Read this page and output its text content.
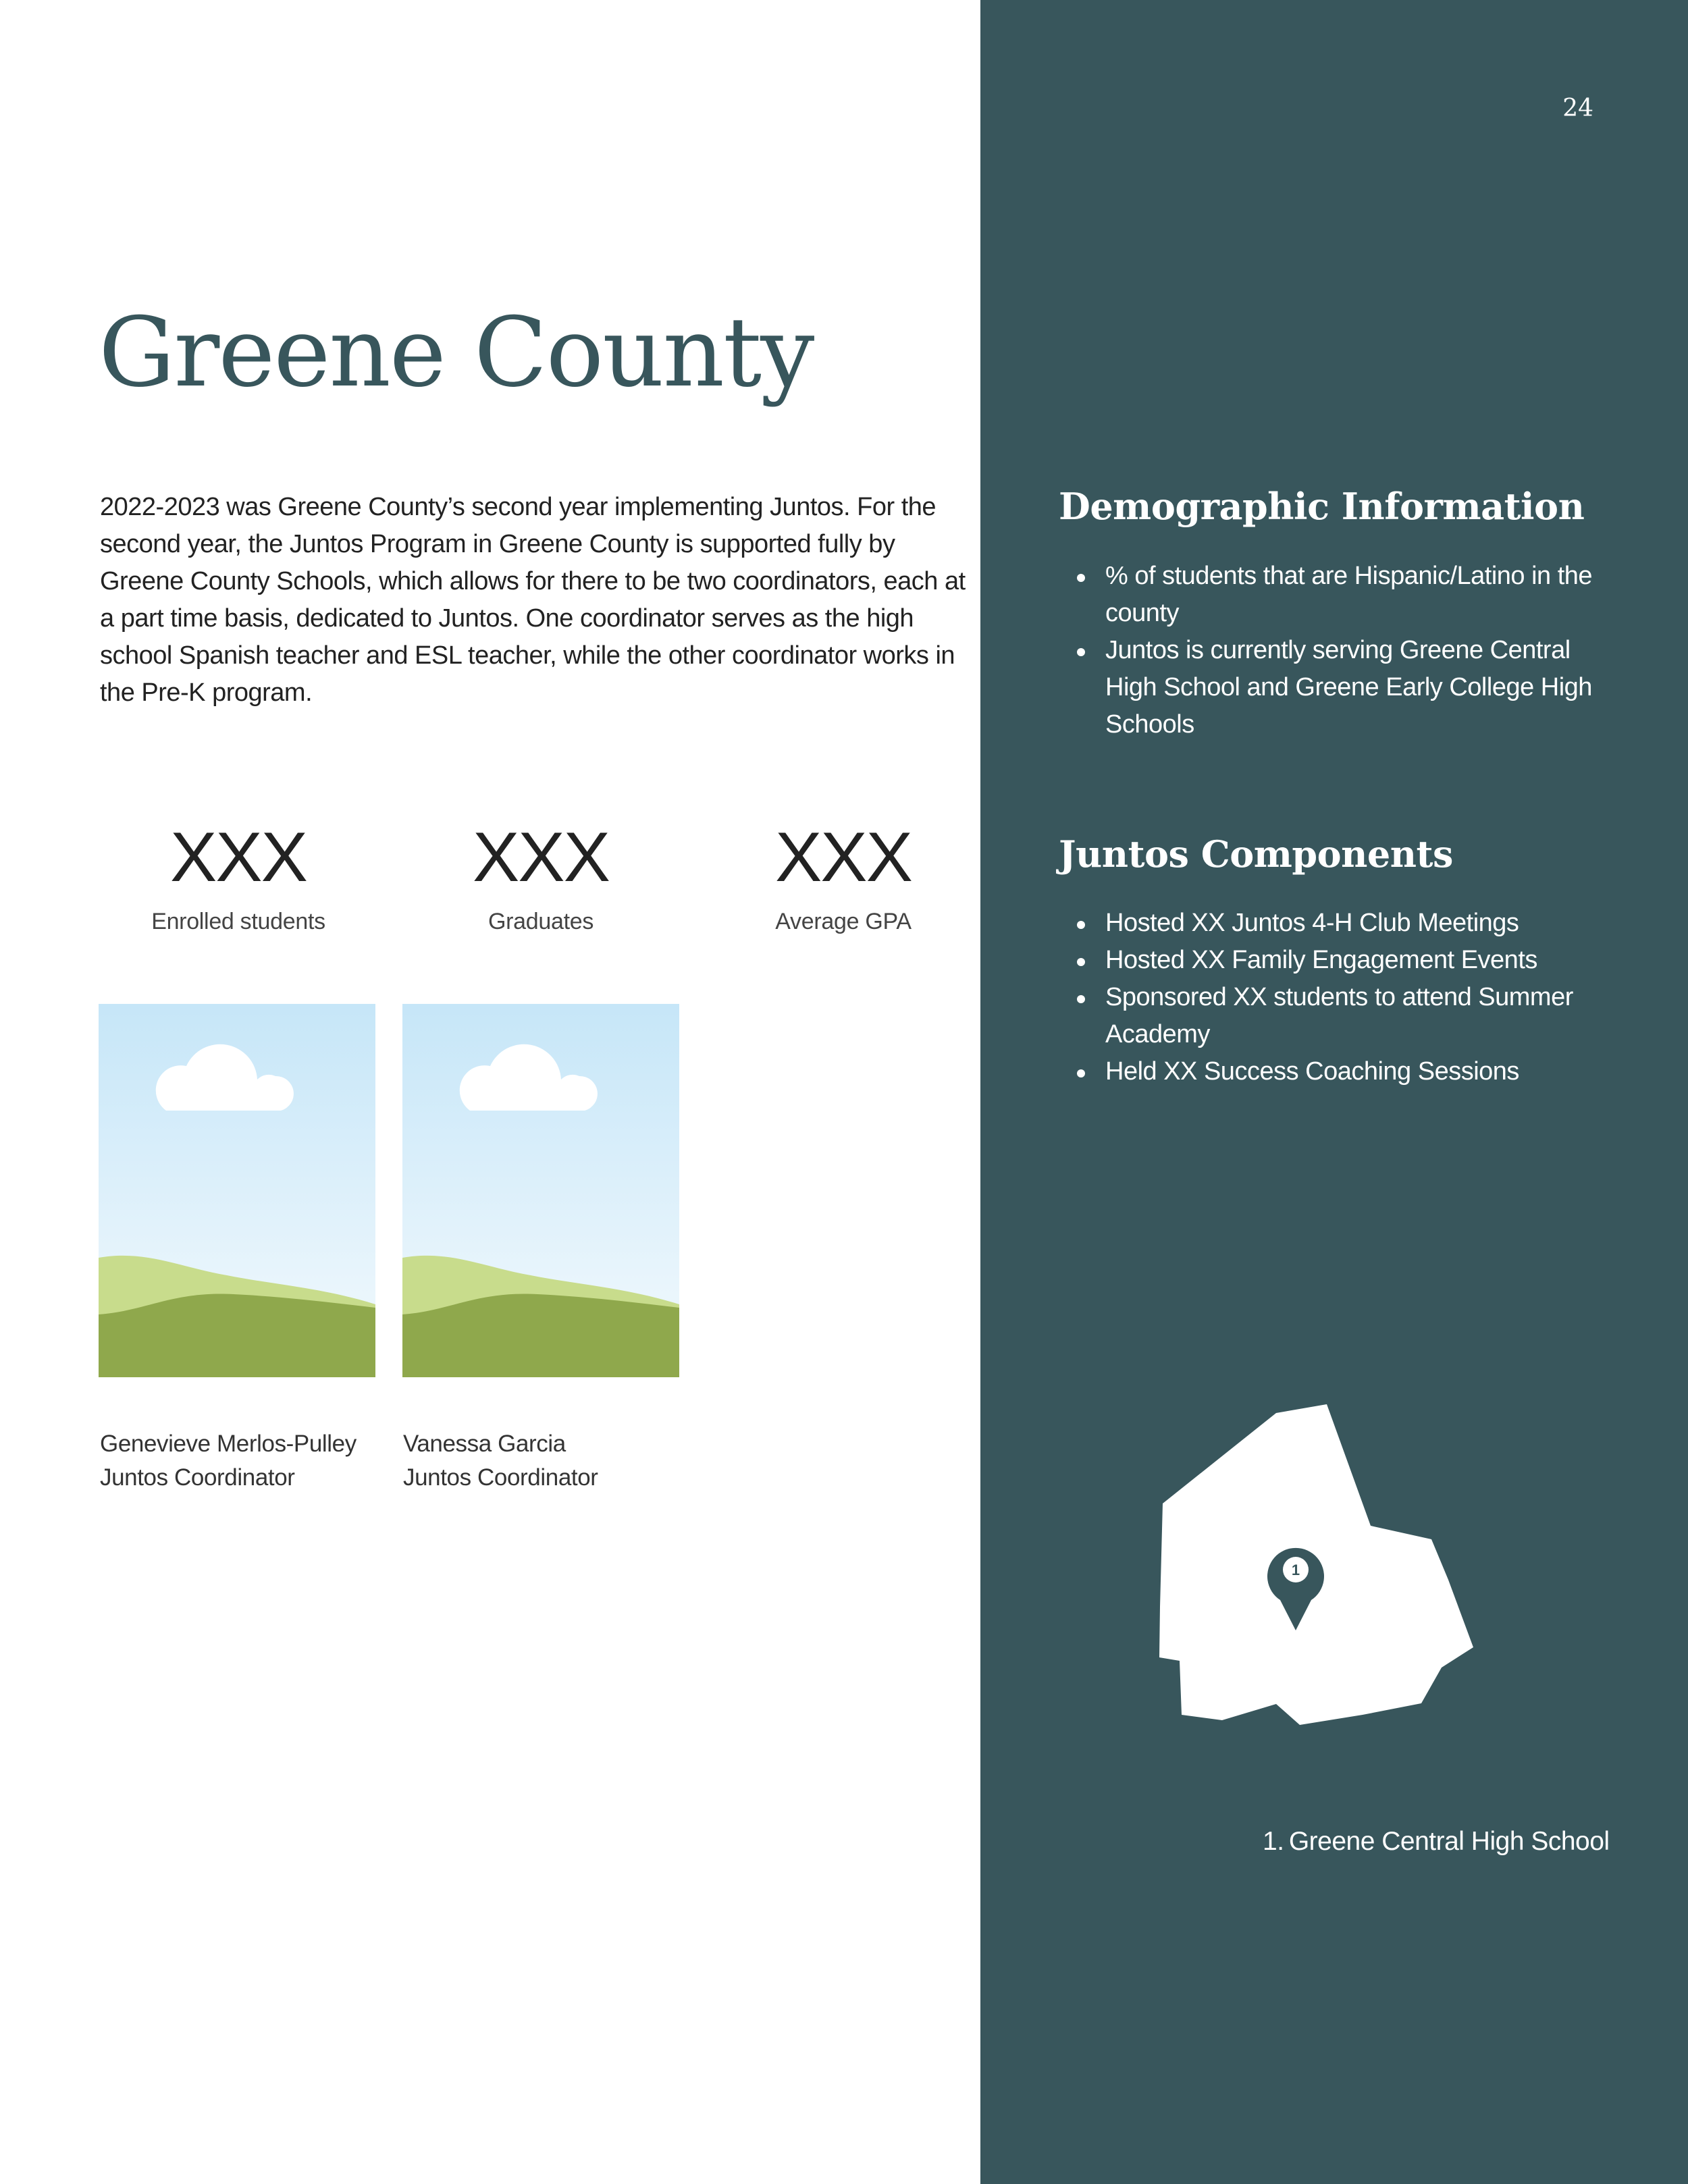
Greene County

2022-2023 was Greene County’s second year implementing Juntos. For the second year, the Juntos Program in Greene County is supported fully by Greene County Schools, which allows for there to be two coordinators, each at a part time basis, dedicated to Juntos. One coordinator serves as the high school Spanish teacher and ESL teacher, while the other coordinator works in the Pre-K program.

XXX

Enrolled students

XXX

Graduates

XXX

Average GPA

Genevieve Merlos-Pulley

Juntos Coordinator

Vanessa Garcia

Juntos Coordinator

24

Demographic Information
% of students that are Hispanic/Latino in the county
Juntos is currently serving Greene Central High School and Greene Early College High Schools
Juntos Components
Hosted XX Juntos 4-H Club Meetings
Hosted XX Family Engagement Events
Sponsored XX students to attend Summer Academy
Held XX Success Coaching Sessions
1

1. Greene Central High School
